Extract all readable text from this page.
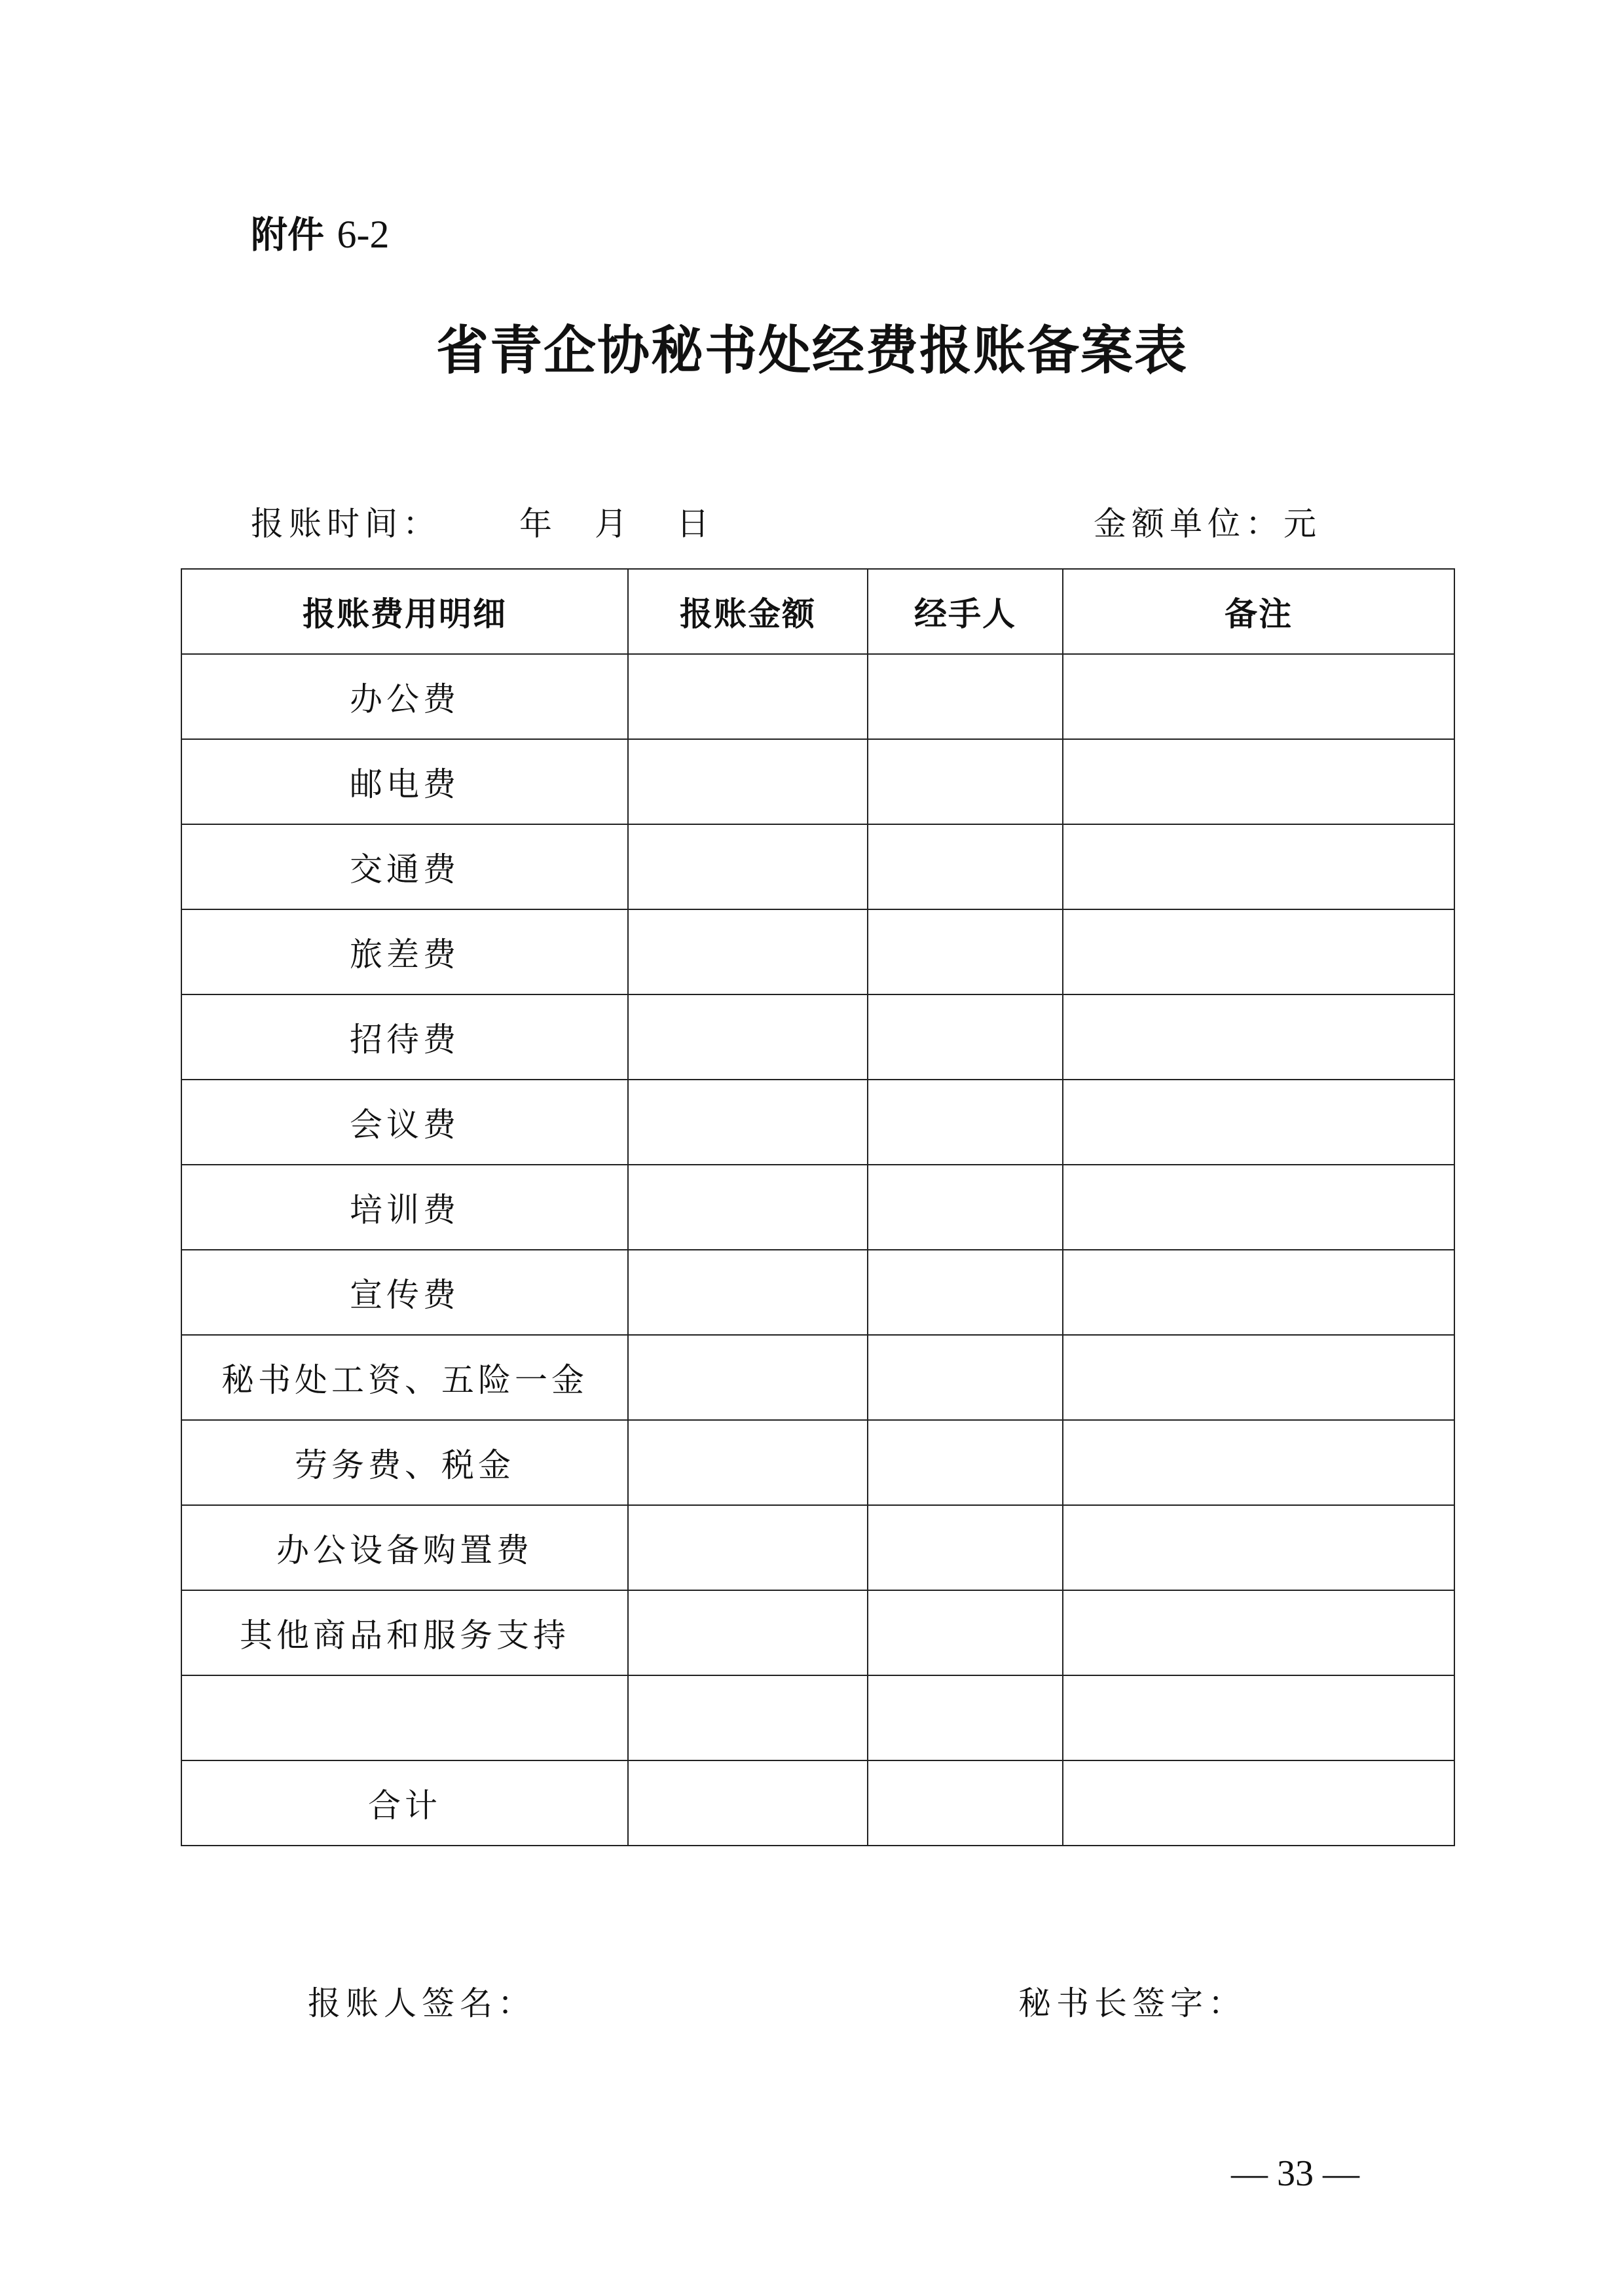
附件 6-2
省青企协秘书处经费报账备案表
报账时间： 年 月 日	金额单位：元
报账费用明细	报账金额	经手人	备注
办公费			
邮电费			
交通费			
旅差费			
招待费			
会议费			
培训费			
宣传费			
秘书处工资、五险一金			
劳务费、税金			
办公设备购置费			
其他商品和服务支持			

合计			
报账人签名：	秘书长签字：
— 33 —
